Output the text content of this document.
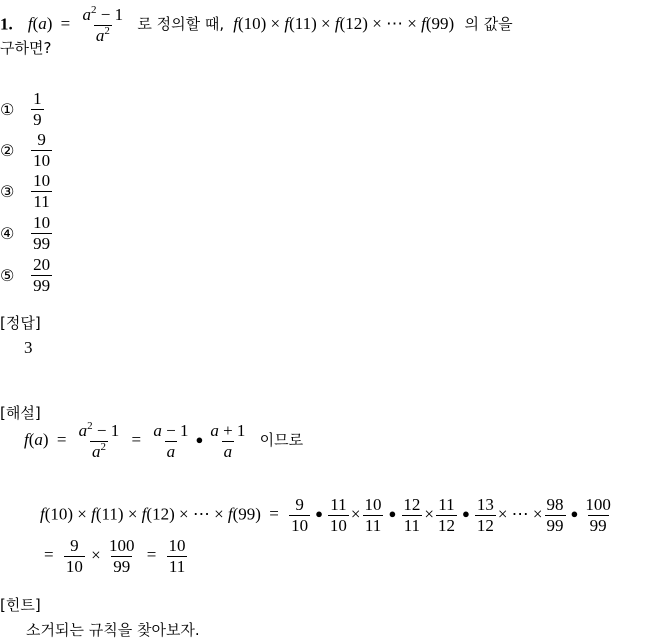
1. $f(a) = \frac{a^2 - 1}{a^2}$ 로 정의할 때, f(10) × f(11) × f(12) × ⋯ × f(99) 의 값을
구하면?
① $\frac{1}{9}$
② $\frac{9}{10}$
③ $\frac{10}{11}$
④ $\frac{10}{99}$
⑤ $\frac{20}{99}$
[정답]
3
[해설]
$f(a) = \frac{a^2 - 1}{a^2} = \frac{a - 1}{a}$ ● $\frac{a + 1}{a}$ 이므로
f(10) × f(11) × f(12) × ⋯ × $f(99) = \frac{9}{10}$ ● $\frac{11}{10} \times \frac{10}{11}$ ● $\frac{12}{11} \times \frac{11}{12}$ ● $\frac{13}{12}$ × ⋯ × $\frac{98}{99}$ ● $\frac{100}{99}$
= $\frac{9}{10} \times \frac{100}{99} = \frac{10}{11}$
[힌트]
소거되는 규칙을 찾아보자.
